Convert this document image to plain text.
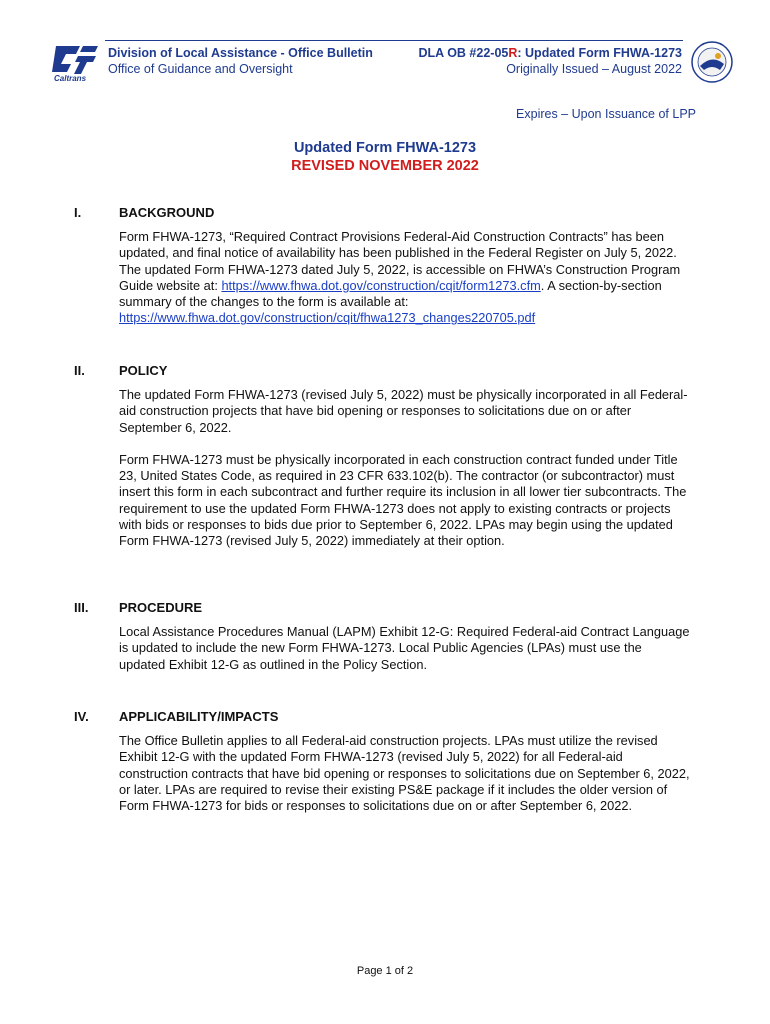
Caltrans
Division of Local Assistance - Office Bulletin
Office of Guidance and Oversight
DLA OB #22-05R: Updated Form FHWA-1273
Originally Issued – August 2022
Expires – Upon Issuance of LPP
Updated Form FHWA-1273
REVISED NOVEMBER 2022
I.	BACKGROUND

Form FHWA-1273, “Required Contract Provisions Federal-Aid Construction Contracts” has been updated, and final notice of availability has been published in the Federal Register on July 5, 2022. The updated Form FHWA-1273 dated July 5, 2022, is accessible on FHWA’s Construction Program Guide website at: https://www.fhwa.dot.gov/construction/cqit/form1273.cfm. A section-by-section summary of the changes to the form is available at: https://www.fhwa.dot.gov/construction/cqit/fhwa1273_changes220705.pdf

II.	POLICY

The updated Form FHWA-1273 (revised July 5, 2022) must be physically incorporated in all Federal-aid construction projects that have bid opening or responses to solicitations due on or after September 6, 2022.

Form FHWA-1273 must be physically incorporated in each construction contract funded under Title 23, United States Code, as required in 23 CFR 633.102(b). The contractor (or subcontractor) must insert this form in each subcontract and further require its inclusion in all lower tier subcontracts. The requirement to use the updated Form FHWA-1273 does not apply to existing contracts or projects with bids or responses to bids due prior to September 6, 2022. LPAs may begin using the updated Form FHWA-1273 (revised July 5, 2022) immediately at their option.

III. PROCEDURE

Local Assistance Procedures Manual (LAPM) Exhibit 12-G: Required Federal-aid Contract Language is updated to include the new Form FHWA-1273. Local Public Agencies (LPAs) must use the updated Exhibit 12-G as outlined in the Policy Section.

IV. APPLICABILITY/IMPACTS

The Office Bulletin applies to all Federal-aid construction projects. LPAs must utilize the revised Exhibit 12-G with the updated Form FHWA-1273 (revised July 5, 2022) for all Federal-aid construction contracts that have bid opening or responses to solicitations due on September 6, 2022, or later. LPAs are required to revise their existing PS&E package if it includes the older version of Form FHWA-1273 for bids or responses to solicitations due on or after September 6, 2022.

Page 1 of 2
